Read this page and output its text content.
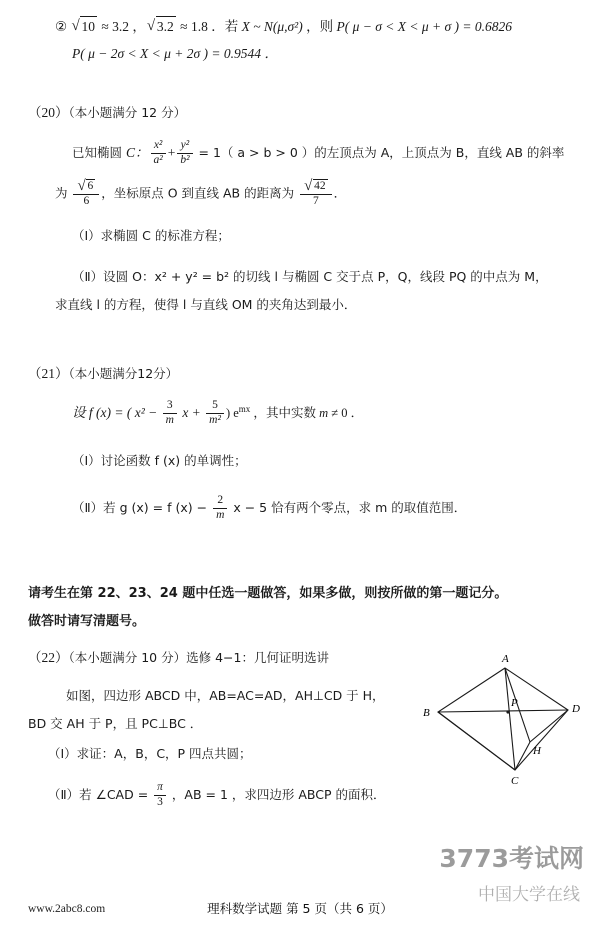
② √ 10 ≈ 3.2 ， √ 3.2 ≈ 1.8 ．若 X ~ N(μ,σ²) ，则 P( μ − σ < X < μ + σ ) = 0.6826
P( μ − 2σ < X < μ + 2σ ) = 0.9544 ．
（20）（本小题满分 12 分）
已知椭圆 C： $\frac{\text{x²}}{\text{a²}} + \frac{\text{y²}}{\text{b²}} = 1$（ a > b > 0 ）的左顶点为 A，上顶点为 B，直线 AB 的斜率
为 √ $\frac{6}{6}$ ，坐标原点 O 到直线 AB 的距离为 √ $\frac{42}{7}$ ．
（Ⅰ）求椭圆 C 的标准方程；
（Ⅱ）设圆 O：x² + y² = b² 的切线 l 与椭圆 C 交于点 P，Q，线段 PQ 的中点为 M，
求直线 l 的方程，使得 l 与直线 OM 的夹角达到最小．
（21）（本小题满分12分）
设 f (x) = ( $x^2 - \frac{3}{m}$ $x + \frac{5}{\text{m²}}$ ) $e^{mx}$ ，其中实数 m ≠ 0 ．
（Ⅰ）讨论函数 f (x) 的单调性；
（Ⅱ）若 g (x) = f $(x) - \frac{2}{m}$ x − 5 恰有两个零点，求 m 的取值范围．
请考生在第 22、23、24 题中任选一题做答，如果多做，则按所做的第一题记分。
做答时请写清题号。
（22）（本小题满分 10 分）选修 4−1：几何证明选讲
如图，四边形 ABCD 中，AB=AC=AD，AH⊥CD 于 H，
BD 交 AH 于 P，且 PC⊥BC ．
（Ⅰ）求证：A，B，C，P 四点共圆；
（Ⅱ）若 ∠CAD = $\frac{\pi}{3}$ ，AB = 1 ，求四边形 ABCP 的面积．
A
B
C
D
P
H
3773考试网
中国大学在线
www.2abc8.com	理科数学试题 第 5 页（共 6 页）
